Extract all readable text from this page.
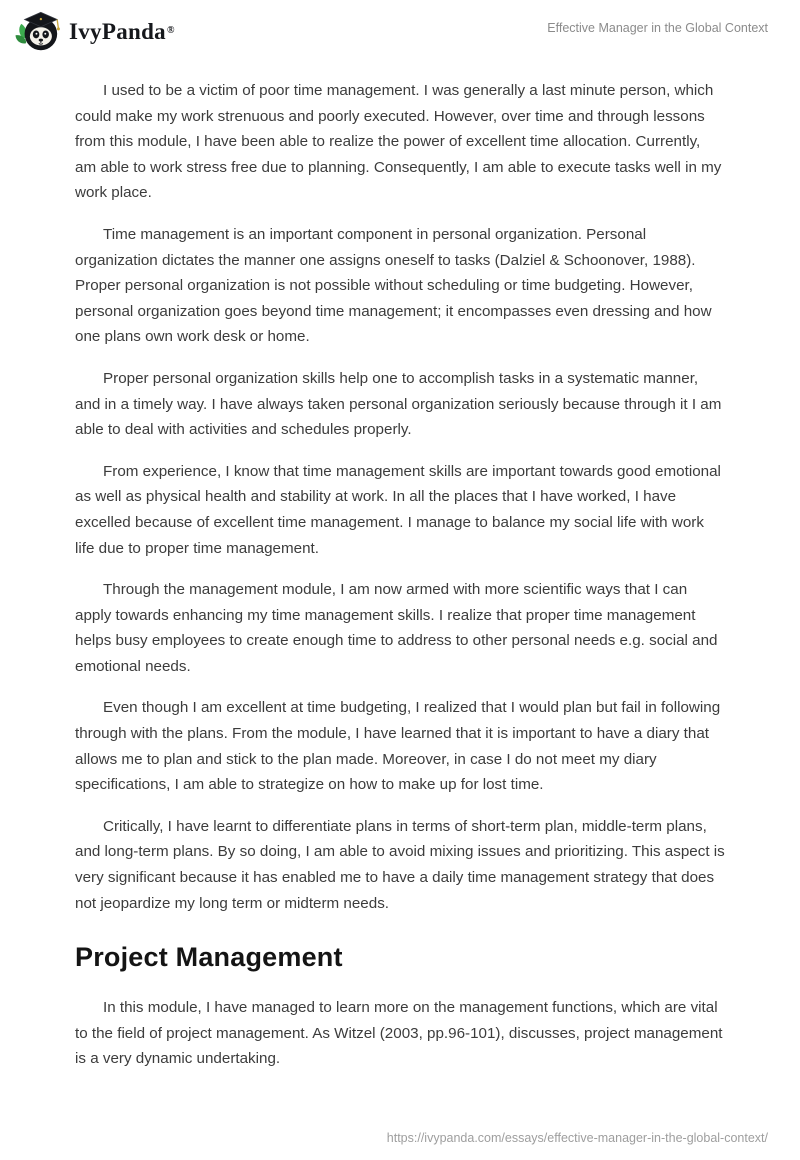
IvyPanda®	Effective Manager in the Global Context

I used to be a victim of poor time management. I was generally a last minute person, which could make my work strenuous and poorly executed. However, over time and through lessons from this module, I have been able to realize the power of excellent time allocation. Currently, am able to work stress free due to planning. Consequently, I am able to execute tasks well in my work place.

Time management is an important component in personal organization. Personal organization dictates the manner one assigns oneself to tasks (Dalziel & Schoonover, 1988). Proper personal organization is not possible without scheduling or time budgeting. However, personal organization goes beyond time management; it encompasses even dressing and how one plans own work desk or home.

Proper personal organization skills help one to accomplish tasks in a systematic manner, and in a timely way. I have always taken personal organization seriously because through it I am able to deal with activities and schedules properly.

From experience, I know that time management skills are important towards good emotional as well as physical health and stability at work. In all the places that I have worked, I have excelled because of excellent time management. I manage to balance my social life with work life due to proper time management.

Through the management module, I am now armed with more scientific ways that I can apply towards enhancing my time management skills. I realize that proper time management helps busy employees to create enough time to address to other personal needs e.g. social and emotional needs.

Even though I am excellent at time budgeting, I realized that I would plan but fail in following through with the plans. From the module, I have learned that it is important to have a diary that allows me to plan and stick to the plan made. Moreover, in case I do not meet my diary specifications, I am able to strategize on how to make up for lost time.

Critically, I have learnt to differentiate plans in terms of short-term plan, middle-term plans, and long-term plans. By so doing, I am able to avoid mixing issues and prioritizing. This aspect is very significant because it has enabled me to have a daily time management strategy that does not jeopardize my long term or midterm needs.

Project Management

In this module, I have managed to learn more on the management functions, which are vital to the field of project management. As Witzel (2003, pp.96-101), discusses, project management is a very dynamic undertaking.

https://ivypanda.com/essays/effective-manager-in-the-global-context/
